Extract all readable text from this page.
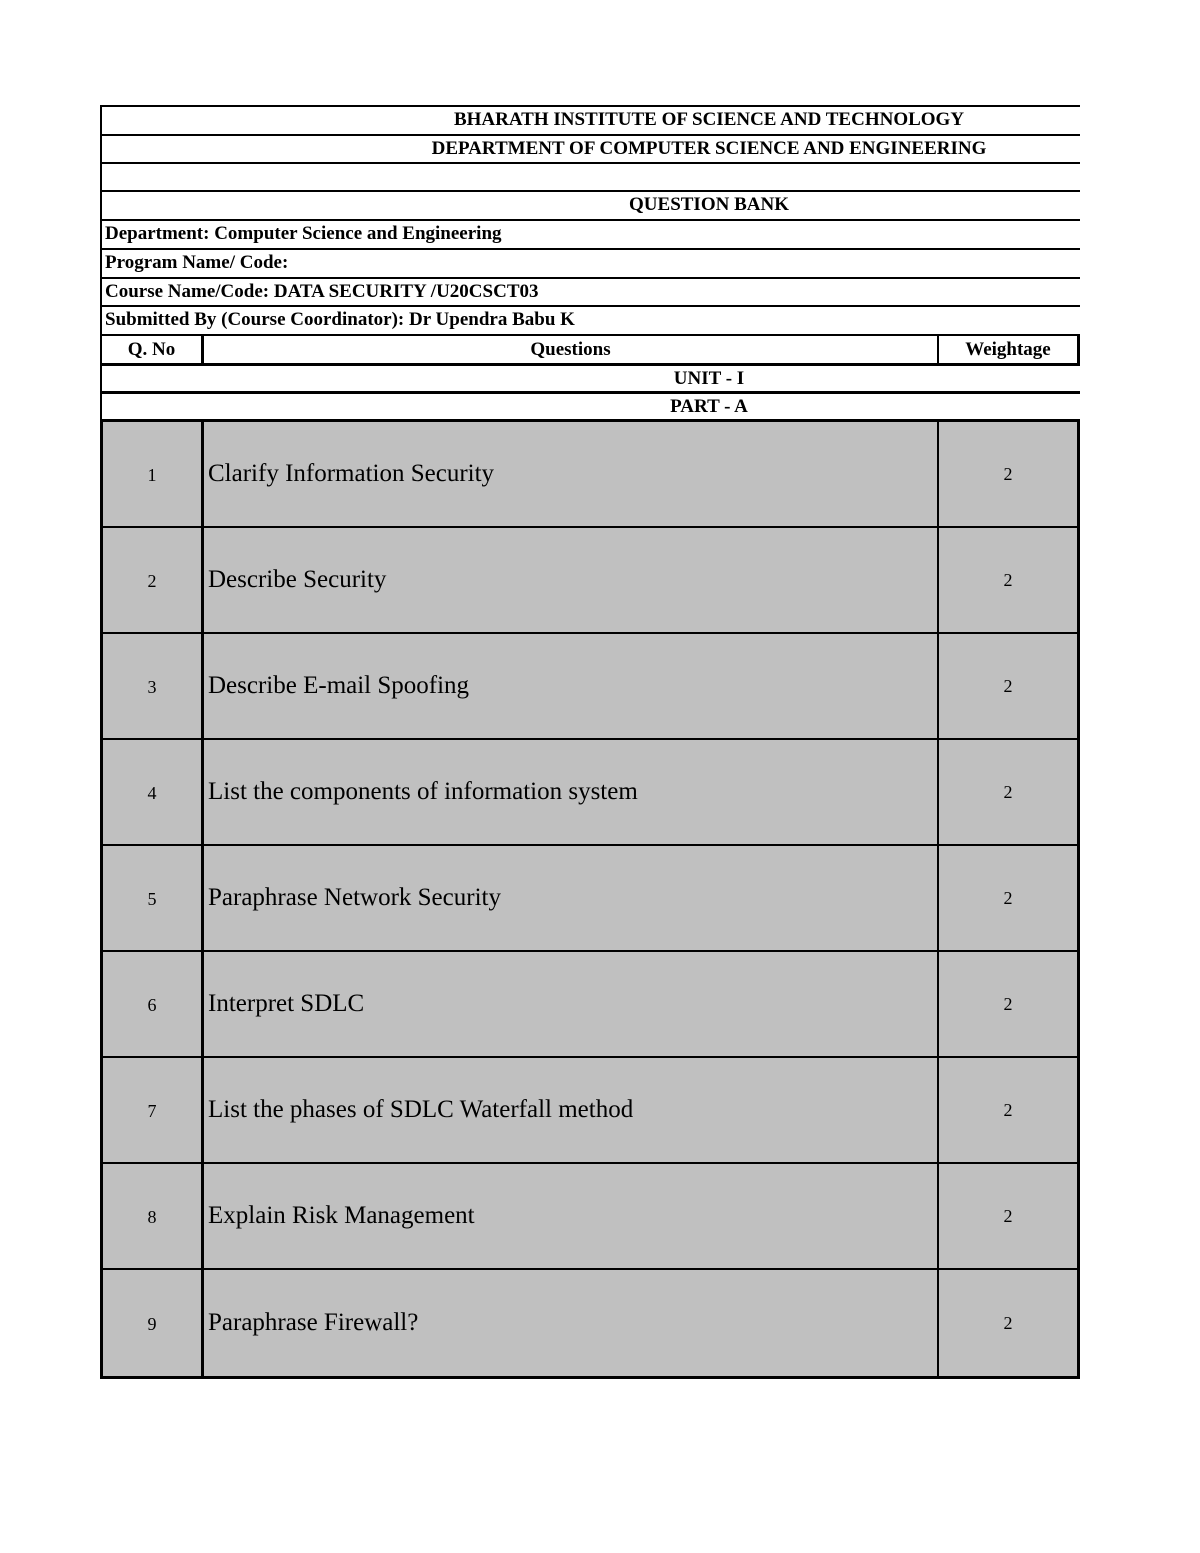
BHARATH INSTITUTE OF SCIENCE AND TECHNOLOGY
DEPARTMENT OF COMPUTER SCIENCE AND ENGINEERING
QUESTION BANK
Department: Computer Science and Engineering
Program Name/ Code:
Course Name/Code: DATA SECURITY /U20CSCT03
Submitted By (Course Coordinator): Dr Upendra Babu K
Q. No	Questions	Weightage
UNIT - I
PART - A
1	Clarify Information Security	2
2	Describe Security	2
3	Describe E-mail Spoofing	2
4	List the components of information system	2
5	Paraphrase Network Security	2
6	Interpret SDLC	2
7	List the phases of SDLC Waterfall method	2
8	Explain Risk Management	2
9	Paraphrase Firewall?	2
